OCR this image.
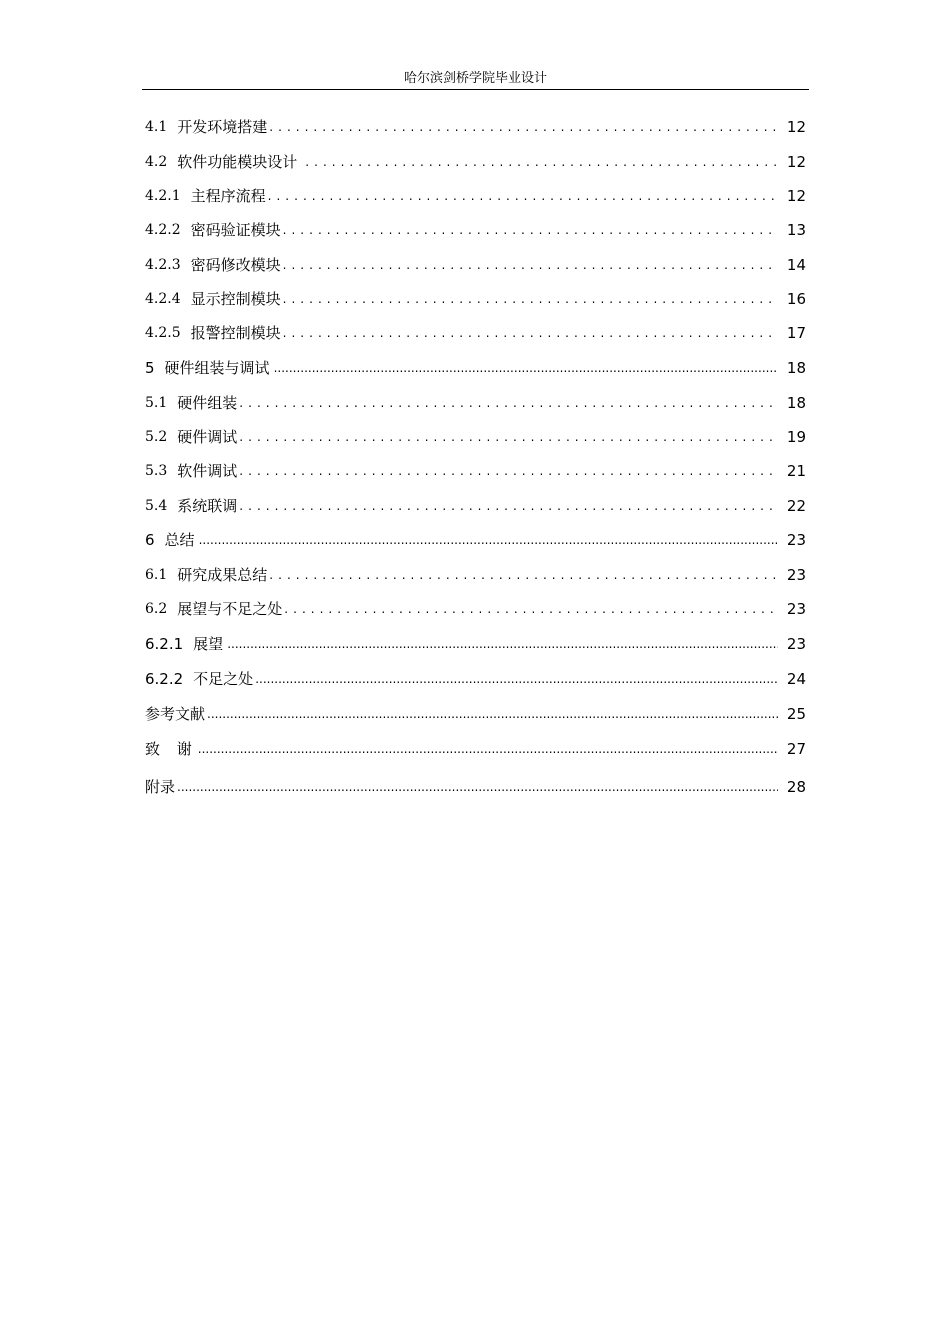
哈尔滨剑桥学院毕业设计
4.1 开发环境搭建 . . .	12
4.2 软件功能模块设计 . . .	12
4.2.1 主程序流程 . . .	12
4.2.2 密码验证模块 . . .	13
4.2.3 密码修改模块 . . .	14
4.2.4 显示控制模块 . . .	16
4.2.5 报警控制模块 . . .	17
5 硬件组装与调试 .....	18
5.1 硬件组装 . . .	18
5.2 硬件调试 . . .	19
5.3 软件调试 . . .	21
5.4 系统联调 . . .	22
6 总结 .....	23
6.1 研究成果总结 . . .	23
6.2 展望与不足之处 . . .	23
6.2.1 展望 .....	23
6.2.2 不足之处 .....	24
参考文献 .....	25
致 谢 .....	27
附录 .....	28
